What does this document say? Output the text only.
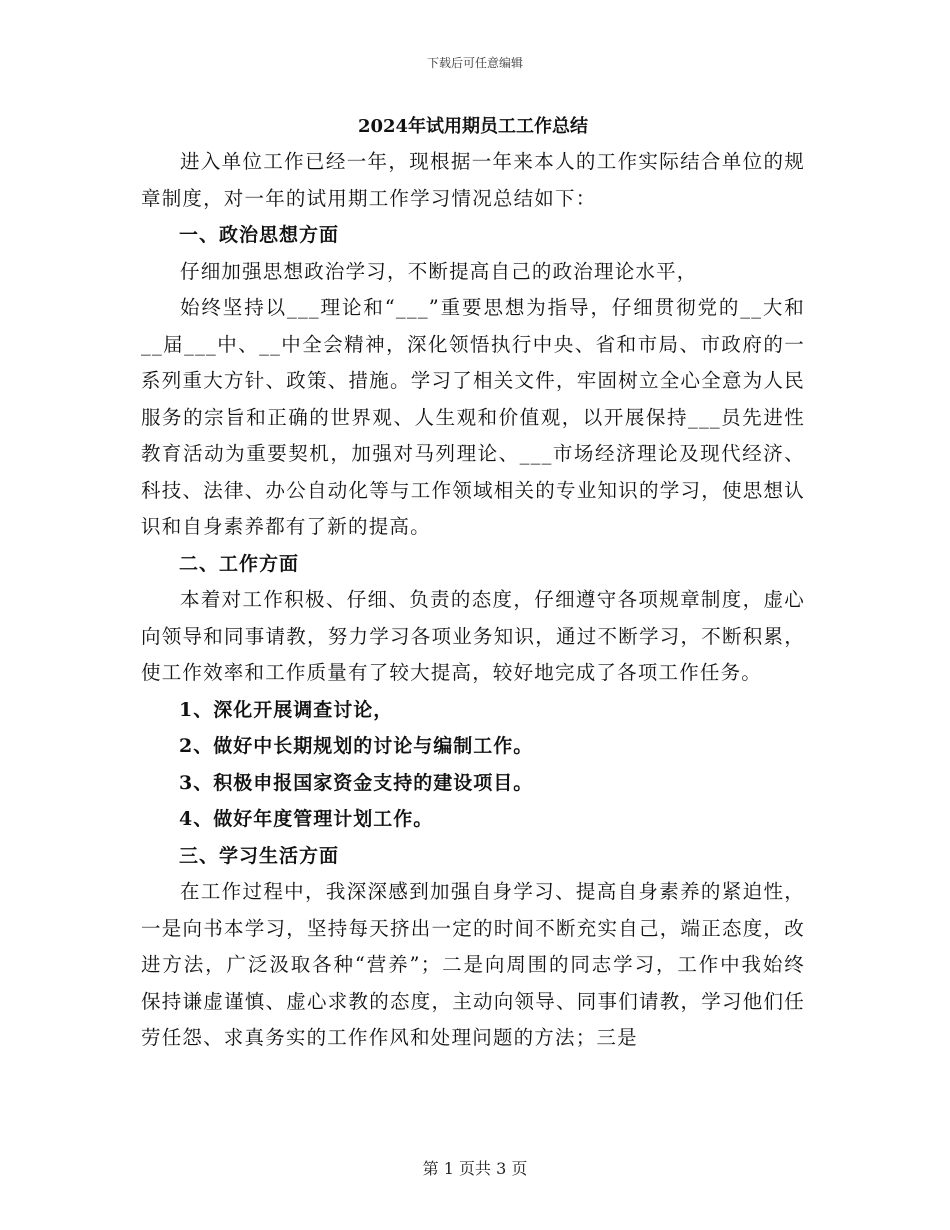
下载后可任意编辑
2024年试用期员工工作总结

进入单位工作已经一年，现根据一年来本人的工作实际结合单位的规章制度，对一年的试用期工作学习情况总结如下：

一、政治思想方面

仔细加强思想政治学习，不断提高自己的政治理论水平，

始终坚持以___理论和“___”重要思想为指导，仔细贯彻党的__大和__届___中、__中全会精神，深化领悟执行中央、省和市局、市政府的一系列重大方针、政策、措施。学习了相关文件，牢固树立全心全意为人民服务的宗旨和正确的世界观、人生观和价值观，以开展保持___员先进性教育活动为重要契机，加强对马列理论、___市场经济理论及现代经济、科技、法律、办公自动化等与工作领域相关的专业知识的学习，使思想认识和自身素养都有了新的提高。

二、工作方面

本着对工作积极、仔细、负责的态度，仔细遵守各项规章制度，虚心向领导和同事请教，努力学习各项业务知识，通过不断学习，不断积累，使工作效率和工作质量有了较大提高，较好地完成了各项工作任务。

1、深化开展调查讨论，

2、做好中长期规划的讨论与编制工作。

3、积极申报国家资金支持的建设项目。

4、做好年度管理计划工作。

三、学习生活方面

在工作过程中，我深深感到加强自身学习、提高自身素养的紧迫性，一是向书本学习，坚持每天挤出一定的时间不断充实自己，端正态度，改进方法，广泛汲取各种“营养”；二是向周围的同志学习，工作中我始终保持谦虚谨慎、虚心求教的态度，主动向领导、同事们请教，学习他们任劳任怨、求真务实的工作作风和处理问题的方法；三是

第 1 页共 3 页
